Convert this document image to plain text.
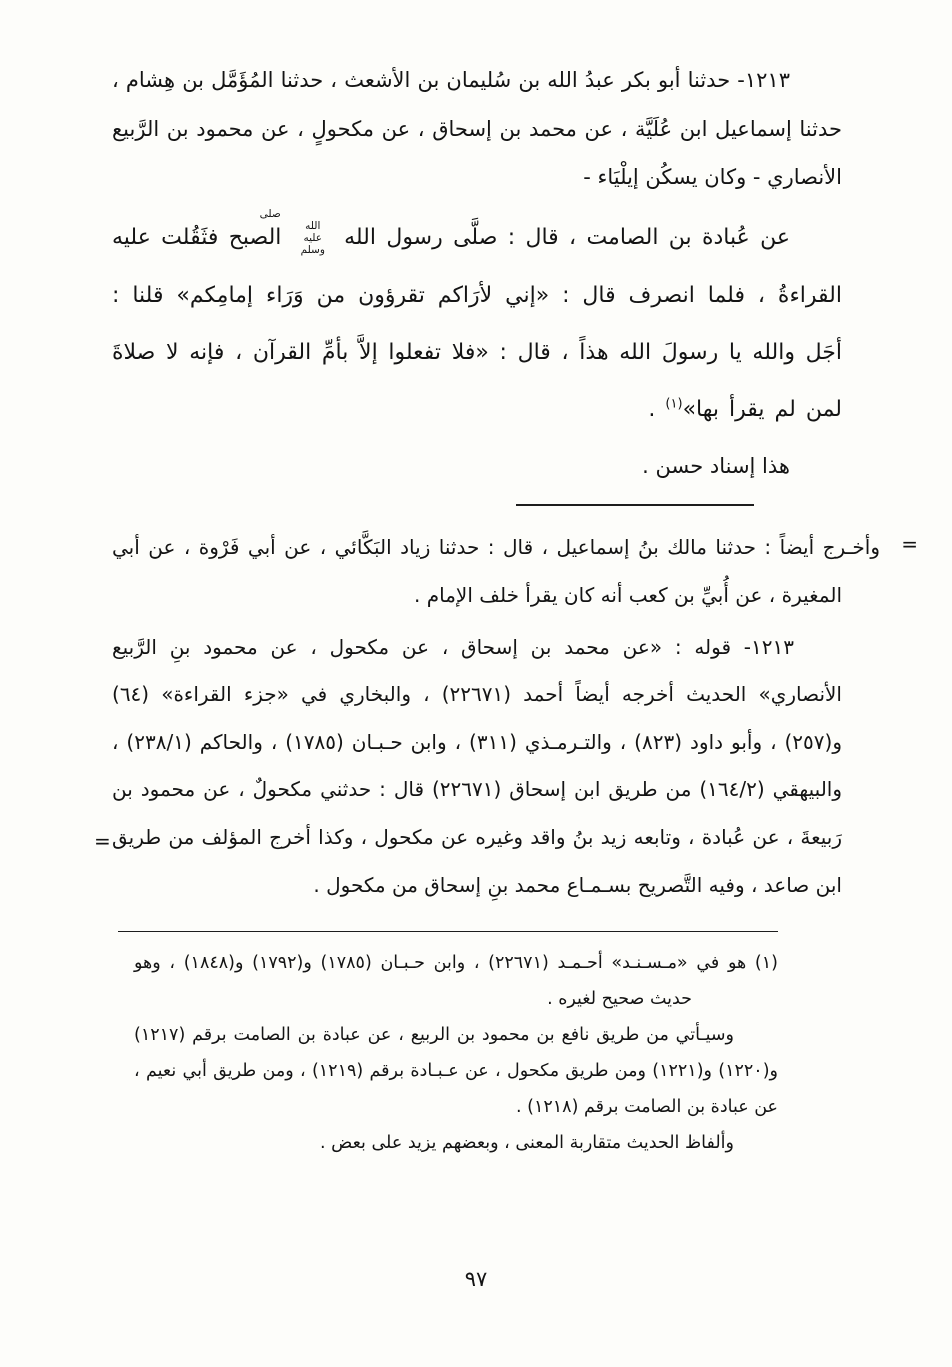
١٢١٣- حدثنا أبو بكر عبدُ الله بن سُليمان بن الأشعث ، حدثنا المُؤَمَّل بن هِشام ، حدثنا إسماعيل ابن عُلَيَّة ، عن محمد بن إسحاق ، عن مكحولٍ ، عن محمود بن الرَّبيع الأنصاري - وكان يسكُن إيلْيَاء -

عن عُبادة بن الصامت ، قال : صلَّى رسول الله صلى الله عليه وسلم الصبح فثَقُلت عليه القراءةُ ، فلما انصرف قال : «إني لأرَاكم تقرؤون من وَرَاء إمامِكم» قلنا : أجَل والله يا رسولَ الله هذاً ، قال : «فلا تفعلوا إلاَّ بأمِّ القرآن ، فإنه لا صلاةَ لمن لم يقرأ بها»$^{(١)}$ .

هذا إسناد حسن .

=

وأخـرج أيضاً : حدثنا مالك بنُ إسماعيل ، قال : حدثنا زياد البَكَّائي ، عن أبي فَرْوة ، عن أبي المغيرة ، عن أُبيِّ بن كعب أنه كان يقرأ خلف الإمام .

١٢١٣- قوله : «عن محمد بن إسحاق ، عن مكحول ، عن محمود بنِ الرَّبيع الأنصاري» الحديث أخرجه أيضاً أحمد (٢٢٦٧١) ، والبخاري في «جزء القراءة» (٦٤) و(٢٥٧) ، وأبو داود (٨٢٣) ، والتـرمـذي (٣١١) ، وابن حـبـان (١٧٨٥) ، والحاكم (٢٣٨/١) ، والبيهقي (١٦٤/٢) من طريق ابن إسحاق (٢٢٦٧١) قال : حدثني مكحولٌ ، عن محمود بن رَبيعةَ ، عن عُبادة ، وتابعه زيد بنُ واقد وغيره عن مكحول ، وكذا أخرج المؤلف من طريق ابن صاعد ، وفيه التَّصريح بسـمـاع محمد بنِ إسحاق من مكحول .

=

(١) هو في «مـسـنـد» أحـمـد (٢٢٦٧١) ، وابن حـبـان (١٧٨٥) و(١٧٩٢) و(١٨٤٨) ، وهو حديث صحيح لغيره .

وسيـأتي من طريق نافع بن محمود بن الربيع ، عن عبادة بن الصامت برقم (١٢١٧) و(١٢٢٠) و(١٢٢١) ومن طريق مكحول ، عن عـبـادة برقم (١٢١٩) ، ومن طريق أبي نعيم ، عن عبادة بن الصامت برقم (١٢١٨) .

وألفاظ الحديث متقاربة المعنى ، وبعضهم يزيد على بعض .

٩٧
